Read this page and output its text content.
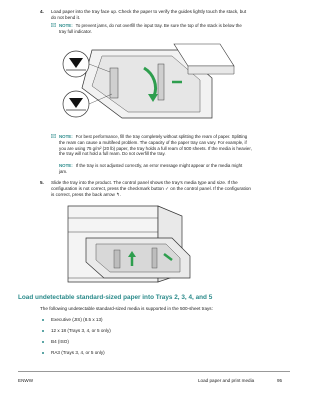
4. Load paper into the tray face up. Check the paper to verify the guides lightly touch the stack, but
do not bend it.
NOTE: To prevent jams, do not overfill the input tray. Be sure the top of the stack is below the
tray full indicator.
NOTE: For best performance, fill the tray completely without splitting the ream of paper. Splitting
the ream can cause a multifeed problem. The capacity of the paper tray can vary. For example, if
you are using 75 g/m² (20 lb) paper, the tray holds a full ream of 500 sheets. If the media is heavier,
the tray will not hold a full ream. Do not overfill the tray.
NOTE: If the tray is not adjusted correctly, an error message might appear or the media might
jam.
5. Slide the tray into the product. The control panel shows the tray's media type and size. If the
configuration is not correct, press the checkmark button ✓ on the control panel. If the configuration
is correct, press the back arrow ↰.
Load undetectable standard-sized paper into Trays 2, 3, 4, and 5
The following undetectable standard-sized media is supported in the 500-sheet trays:
Executive (JIS) (8.5 x 13)
12 x 18 (Trays 3, 4, or 5 only)
B4 (ISO)
RA3 (Trays 3, 4, or 5 only)
ENWW	Load paper and print media	95
